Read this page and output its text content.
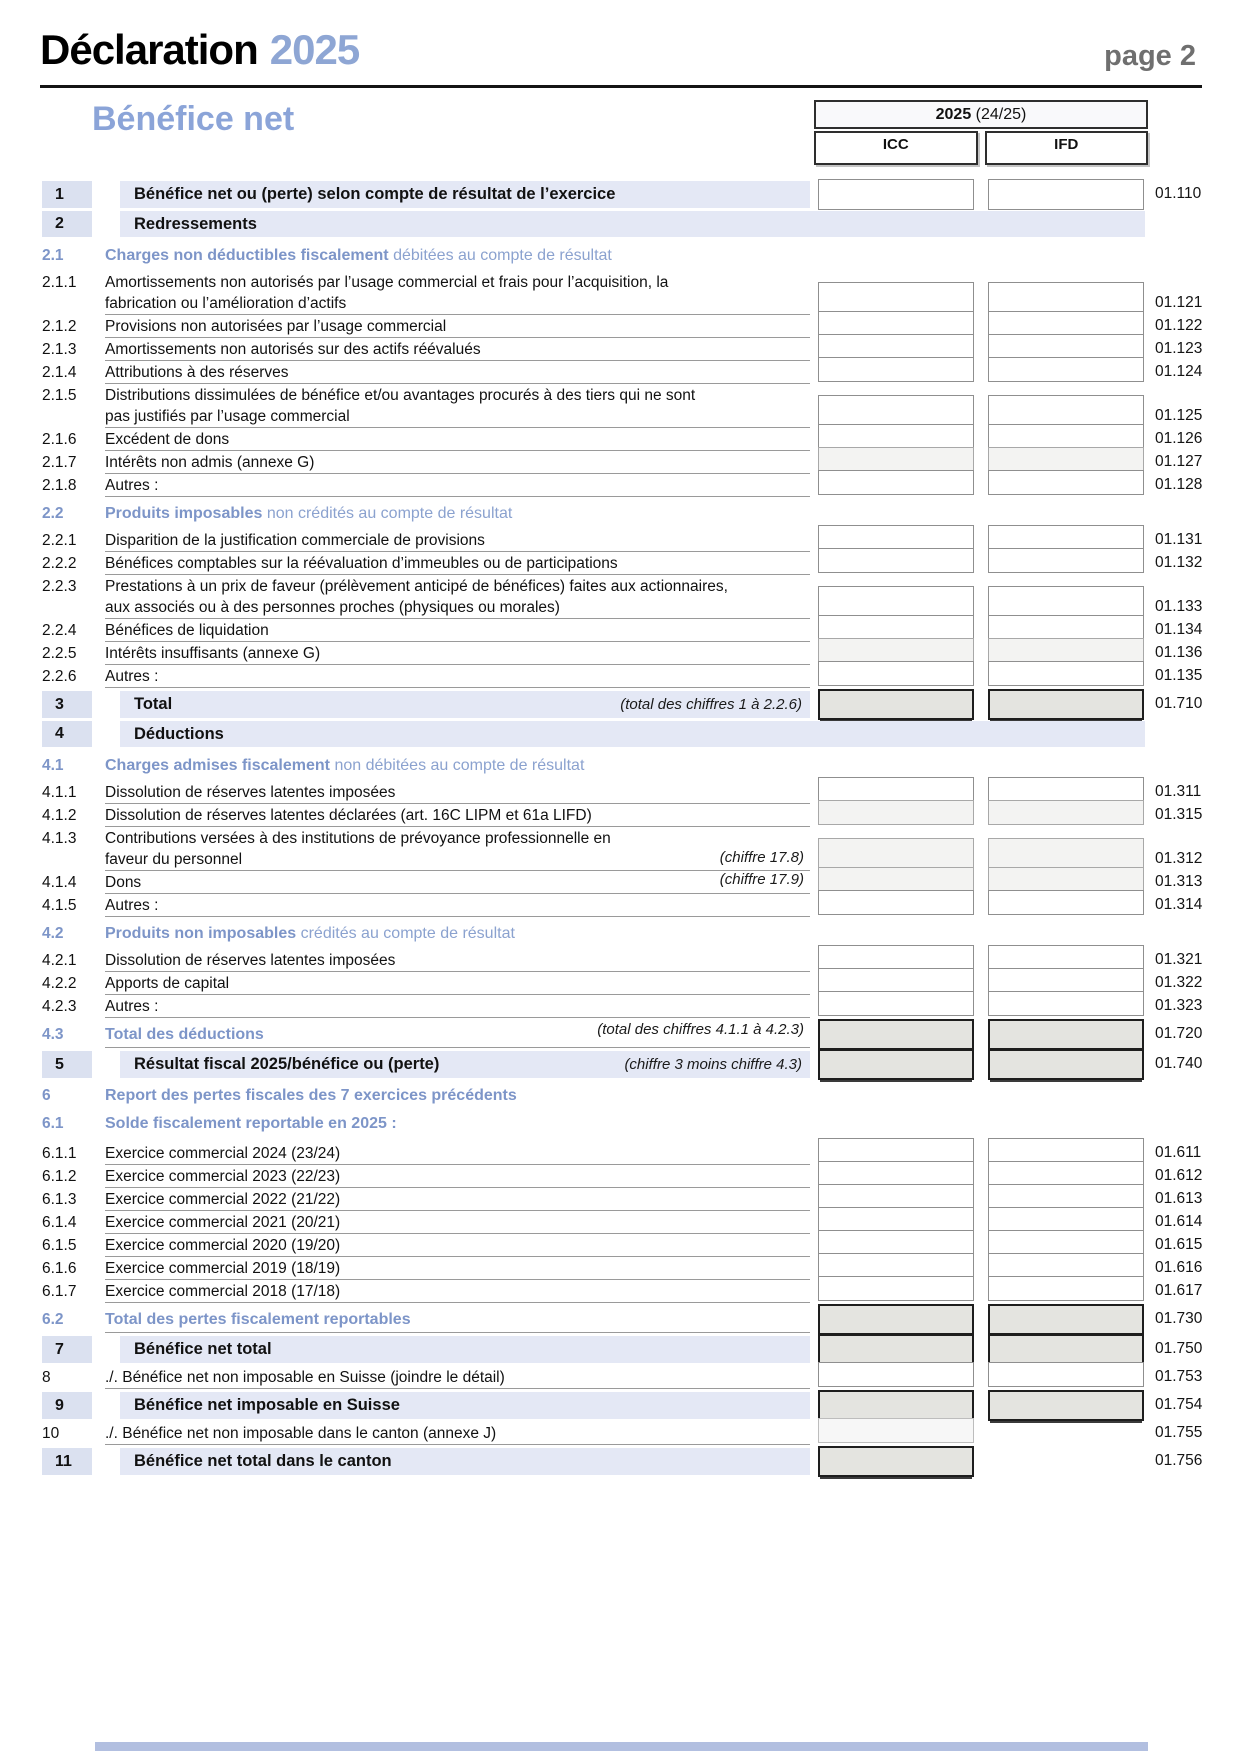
Déclaration 2025	page 2
Bénéfice net	2025 (24/25)
ICC	IFD
1	Bénéfice net ou (perte) selon compte de résultat de l’exercice	01.110
2	Redressements
2.1	Charges non déductibles fiscalement débitées au compte de résultat
2.1.1	Amortissements non autorisés par l’usage commercial et frais pour l’acquisition, la
fabrication ou l’amélioration d’actifs	01.121
2.1.2	Provisions non autorisées par l’usage commercial	01.122
2.1.3	Amortissements non autorisés sur des actifs réévalués	01.123
2.1.4	Attributions à des réserves	01.124
2.1.5	Distributions dissimulées de bénéfice et/ou avantages procurés à des tiers qui ne sont
pas justifiés par l’usage commercial	01.125
2.1.6	Excédent de dons	01.126
2.1.7	Intérêts non admis (annexe G)	01.127
2.1.8	Autres :	01.128
2.2	Produits imposables non crédités au compte de résultat
2.2.1	Disparition de la justification commerciale de provisions	01.131
2.2.2	Bénéfices comptables sur la réévaluation d’immeubles ou de participations	01.132
2.2.3	Prestations à un prix de faveur (prélèvement anticipé de bénéfices) faites aux actionnaires,
aux associés ou à des personnes proches (physiques ou morales)	01.133
2.2.4	Bénéfices de liquidation	01.134
2.2.5	Intérêts insuffisants (annexe G)	01.136
2.2.6	Autres :	01.135
3	Total	(total des chiffres 1 à 2.2.6)	01.710
4	Déductions
4.1	Charges admises fiscalement non débitées au compte de résultat
4.1.1	Dissolution de réserves latentes imposées	01.311
4.1.2	Dissolution de réserves latentes déclarées (art. 16C LIPM et 61a LIFD)	01.315
4.1.3	Contributions versées à des institutions de prévoyance professionnelle en
faveur du personnel	(chiffre 17.8)	01.312
4.1.4	Dons	(chiffre 17.9)	01.313
4.1.5	Autres :	01.314
4.2	Produits non imposables crédités au compte de résultat
4.2.1	Dissolution de réserves latentes imposées	01.321
4.2.2	Apports de capital	01.322
4.2.3	Autres :	01.323
4.3	Total des déductions	(total des chiffres 4.1.1 à 4.2.3)	01.720
5	Résultat fiscal 2025/bénéfice ou (perte)	(chiffre 3 moins chiffre 4.3)	01.740
6	Report des pertes fiscales des 7 exercices précédents
6.1	Solde fiscalement reportable en 2025 :
6.1.1	Exercice commercial 2024 (23/24)	01.611
6.1.2	Exercice commercial 2023 (22/23)	01.612
6.1.3	Exercice commercial 2022 (21/22)	01.613
6.1.4	Exercice commercial 2021 (20/21)	01.614
6.1.5	Exercice commercial 2020 (19/20)	01.615
6.1.6	Exercice commercial 2019 (18/19)	01.616
6.1.7	Exercice commercial 2018 (17/18)	01.617
6.2	Total des pertes fiscalement reportables	01.730
7	Bénéfice net total	01.750
8	./. Bénéfice net non imposable en Suisse (joindre le détail)	01.753
9	Bénéfice net imposable en Suisse	01.754
10	./. Bénéfice net non imposable dans le canton (annexe J)	01.755
11	Bénéfice net total dans le canton	01.756
